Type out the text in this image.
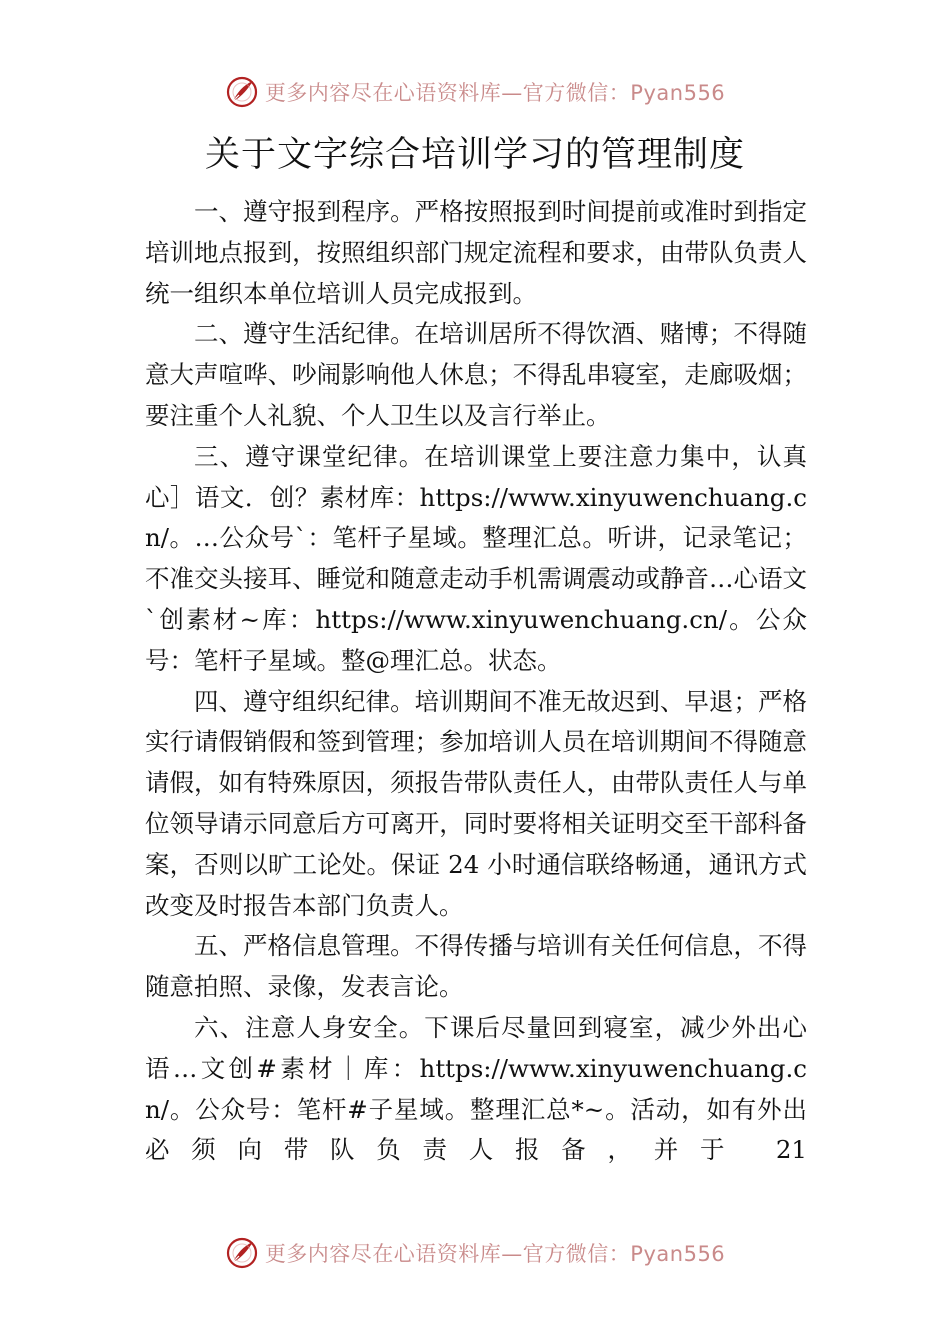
更多内容尽在心语资料库—官方微信：Pyan556
关于文字综合培训学习的管理制度

一、遵守报到程序。严格按照报到时间提前或准时到指定培训地点报到，按照组织部门规定流程和要求，由带队负责人统一组织本单位培训人员完成报到。

二、遵守生活纪律。在培训居所不得饮酒、赌博；不得随意大声喧哗、吵闹影响他人休息；不得乱串寝室，走廊吸烟；要注重个人礼貌、个人卫生以及言行举止。

三、遵守课堂纪律。在培训课堂上要注意力集中，认真心］语文．创？素材库：https://www.xinyuwenchuang.cn/。…公众号`：笔杆子星域。整理汇总。听讲，记录笔记；不准交头接耳、睡觉和随意走动手机需调震动或静音…心语文`创素材~库：https://www.xinyuwenchuang.cn/。公众号：笔杆子星域。整@理汇总。状态。

四、遵守组织纪律。培训期间不准无故迟到、早退；严格实行请假销假和签到管理；参加培训人员在培训期间不得随意请假，如有特殊原因，须报告带队责任人，由带队责任人与单位领导请示同意后方可离开，同时要将相关证明交至干部科备案，否则以旷工论处。保证 24 小时通信联络畅通，通讯方式改变及时报告本部门负责人。

五、严格信息管理。不得传播与培训有关任何信息，不得随意拍照、录像，发表言论。

六、注意人身安全。下课后尽量回到寝室，减少外出心语…文创#素材｜库：https://www.xinyuwenchuang.cn/。公众号：笔杆#子星域。整理汇总*~。活动，如有外出必须向带队负责人报备，并于 21

更多内容尽在心语资料库—官方微信：Pyan556
